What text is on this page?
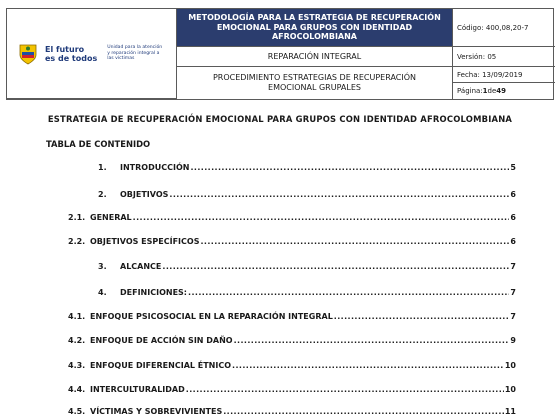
El futuro
es de todos
Unidad para la atención y reparación integral a las víctimas
METODOLOGÍA PARA LA ESTRATEGIA DE RECUPERACIÓN EMOCIONAL PARA GRUPOS CON IDENTIDAD AFROCOLOMBIANA
REPARACIÓN INTEGRAL
PROCEDIMIENTO ESTRATEGIAS DE RECUPERACIÓN EMOCIONAL GRUPALES
Código: 400,08,20-7
Versión: 05
Fecha: 13/09/2019
Página: 1 de 49
ESTRATEGIA DE RECUPERACIÓN EMOCIONAL PARA GRUPOS CON IDENTIDAD AFROCOLOMBIANA
TABLA DE CONTENIDO
1.	INTRODUCCIÓN .....	5
2.	OBJETIVOS .....	6
2.1. GENERAL .....	6
2.2. OBJETIVOS ESPECÍFICOS .....	6
3.	ALCANCE .....	7
4.	DEFINICIONES: .....	7
4.1. ENFOQUE PSICOSOCIAL EN LA REPARACIÓN INTEGRAL .....	7
4.2. ENFOQUE DE ACCIÓN SIN DAÑO .....	9
4.3. ENFOQUE DIFERENCIAL ÉTNICO .....	10
4.4. INTERCULTURALIDAD .....	10
4.5. VÍCTIMAS Y SOBREVIVIENTES .....	11
